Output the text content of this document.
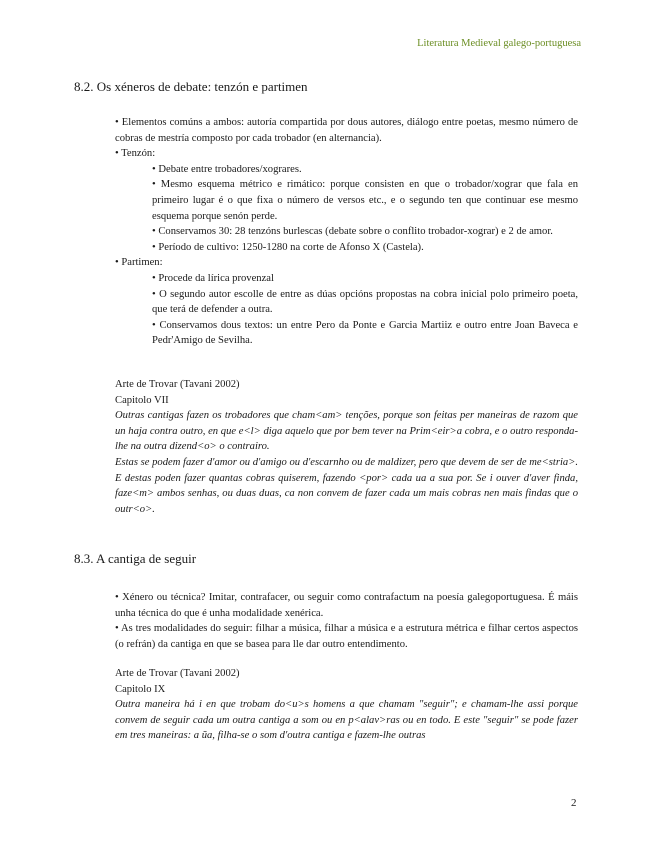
Literatura Medieval galego-portuguesa
8.2. Os xéneros de debate: tenzón e partimen

• Elementos comúns a ambos: autoría compartida por dous autores, diálogo entre poetas, mesmo número de cobras de mestría composto por cada trobador (en alternancia).

• Tenzón:

• Debate entre trobadores/xograres.

• Mesmo esquema métrico e rimático: porque consisten en que o trobador/xograr que fala en primeiro lugar é o que fixa o número de versos etc., e o segundo ten que continuar ese mesmo esquema porque senón perde.

• Conservamos 30: 28 tenzóns burlescas (debate sobre o conflito trobador-xograr) e 2 de amor.

• Período de cultivo: 1250-1280 na corte de Afonso X (Castela).

• Partimen:

• Procede da lírica provenzal

• O segundo autor escolle de entre as dúas opcións propostas na cobra inicial polo primeiro poeta, que terá de defender a outra.

• Conservamos dous textos: un entre Pero da Ponte e Garcia Martiiz e outro entre Joan Baveca e Pedr'Amigo de Sevilha.

Arte de Trovar (Tavani 2002)

Capitolo VII

Outras cantigas fazen os trobadores que cham<am> tenções, porque son feitas per maneiras de razom que un haja contra outro, en que e<l> diga aquelo que por bem tever na Prim<eir>a cobra, e o outro responda-lhe na outra dizend<o> o contrairo.

Estas se podem fazer d'amor ou d'amigo ou d'escarnho ou de maldizer, pero que devem de ser de me<stria>. E destas poden fazer quantas cobras quiserem, fazendo <por> cada ua a sua por. Se i ouver d'aver finda, faze<m> ambos senhas, ou duas duas, ca non convem de fazer cada um mais cobras nen mais findas que o outr<o>.

8.3. A cantiga de seguir

• Xénero ou técnica? Imitar, contrafacer, ou seguir como contrafactum na poesía galegoportuguesa. É máis unha técnica do que é unha modalidade xenérica.

• As tres modalidades do seguir: filhar a música, filhar a música e a estrutura métrica e filhar certos aspectos (o refrán) da cantiga en que se basea para lle dar outro entendimento.

Arte de Trovar (Tavani 2002)

Capitolo IX

Outra maneira há i en que trobam do<u>s homens a que chamam "seguir"; e chamam-lhe assi porque convem de seguir cada um outra cantiga a som ou en p<alav>ras ou en todo. E este "seguir" se pode fazer em tres maneiras: a ũa, filha-se o som d'outra cantiga e fazem-lhe outras

2
